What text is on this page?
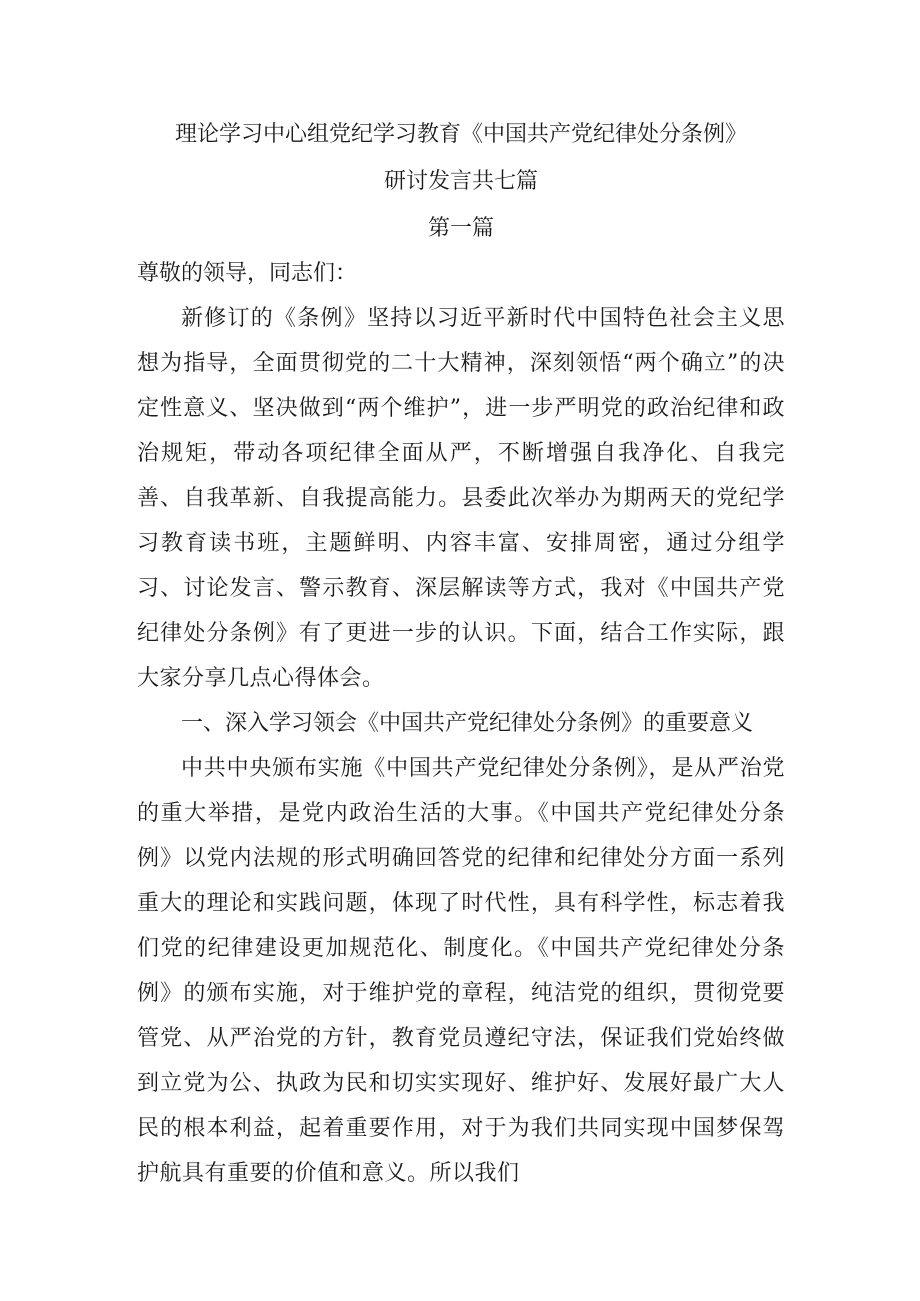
理论学习中心组党纪学习教育《中国共产党纪律处分条例》

研讨发言共七篇

第一篇

尊敬的领导，同志们：

新修订的《条例》坚持以习近平新时代中国特色社会主义思想为指导，全面贯彻党的二十大精神，深刻领悟“两个确立”的决定性意义、坚决做到“两个维护”，进一步严明党的政治纪律和政治规矩，带动各项纪律全面从严，不断增强自我净化、自我完善、自我革新、自我提高能力。县委此次举办为期两天的党纪学习教育读书班，主题鲜明、内容丰富、安排周密，通过分组学习、讨论发言、警示教育、深层解读等方式，我对《中国共产党纪律处分条例》有了更进一步的认识。下面，结合工作实际，跟大家分享几点心得体会。

一、深入学习领会《中国共产党纪律处分条例》的重要意义

中共中央颁布实施《中国共产党纪律处分条例》，是从严治党的重大举措，是党内政治生活的大事。《中国共产党纪律处分条例》以党内法规的形式明确回答党的纪律和纪律处分方面一系列重大的理论和实践问题，体现了时代性，具有科学性，标志着我们党的纪律建设更加规范化、制度化。《中国共产党纪律处分条例》的颁布实施，对于维护党的章程，纯洁党的组织，贯彻党要管党、从严治党的方针，教育党员遵纪守法，保证我们党始终做到立党为公、执政为民和切实实现好、维护好、发展好最广大人民的根本利益，起着重要作用，对于为我们共同实现中国梦保驾护航具有重要的价值和意义。所以我们
